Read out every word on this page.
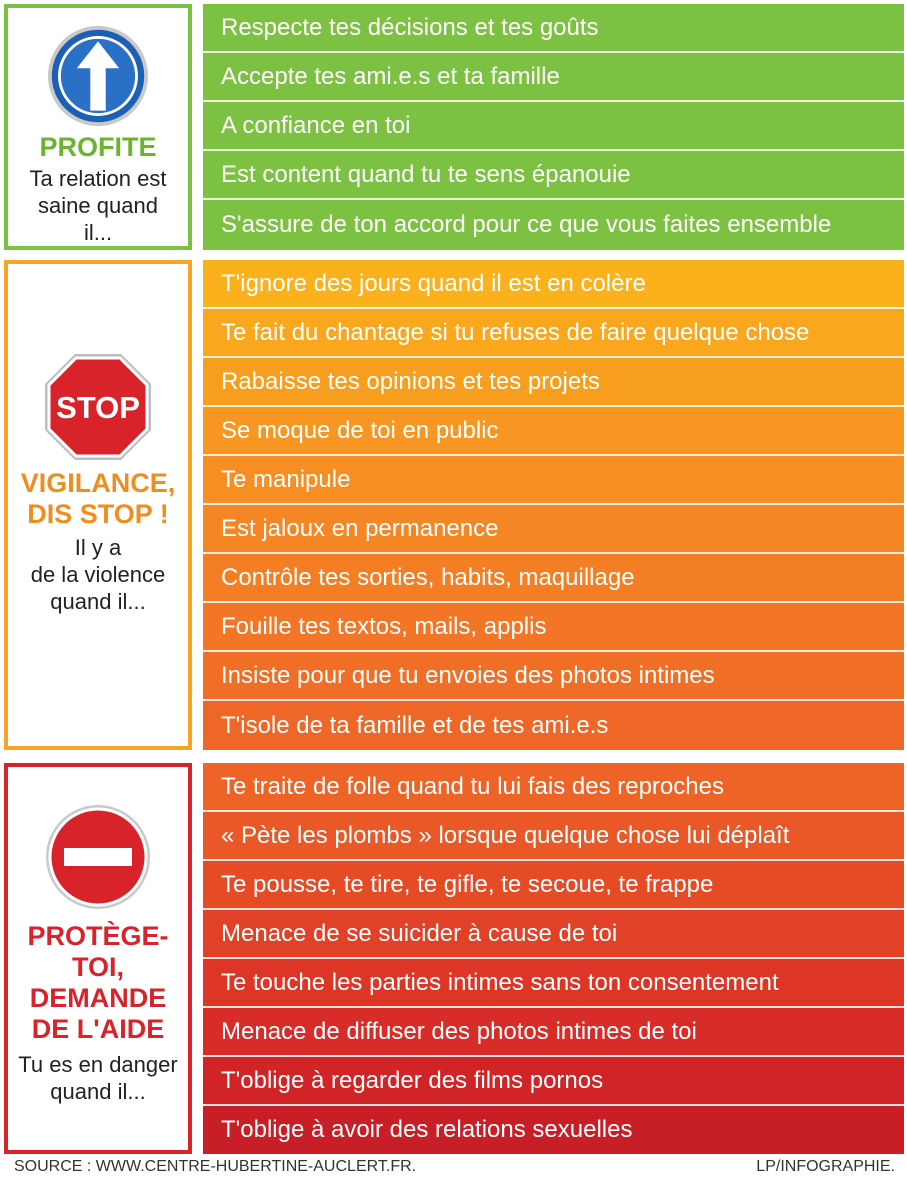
PROFITE
Ta relation est saine quand il...
Respecte tes décisions et tes goûts
Accepte tes ami.e.s et ta famille
A confiance en toi
Est content quand tu te sens épanouie
S'assure de ton accord pour ce que vous faites ensemble
STOP
VIGILANCE,
DIS STOP !
Il y a
de la violence
quand il...
T'ignore des jours quand il est en colère
Te fait du chantage si tu refuses de faire quelque chose
Rabaisse tes opinions et tes projets
Se moque de toi en public
Te manipule
Est jaloux en permanence
Contrôle tes sorties, habits, maquillage
Fouille tes textos, mails, applis
Insiste pour que tu envoies des photos intimes
T'isole de ta famille et de tes ami.e.s
PROTÈGE-TOI,
DEMANDE
DE L'AIDE
Tu es en danger
quand il...
Te traite de folle quand tu lui fais des reproches
« Pète les plombs » lorsque quelque chose lui déplaît
Te pousse, te tire, te gifle, te secoue, te frappe
Menace de se suicider à cause de toi
Te touche les parties intimes sans ton consentement
Menace de diffuser des photos intimes de toi
T'oblige à regarder des films pornos
T'oblige à avoir des relations sexuelles
SOURCE : WWW.CENTRE-HUBERTINE-AUCLERT.FR.	LP/INFOGRAPHIE.
